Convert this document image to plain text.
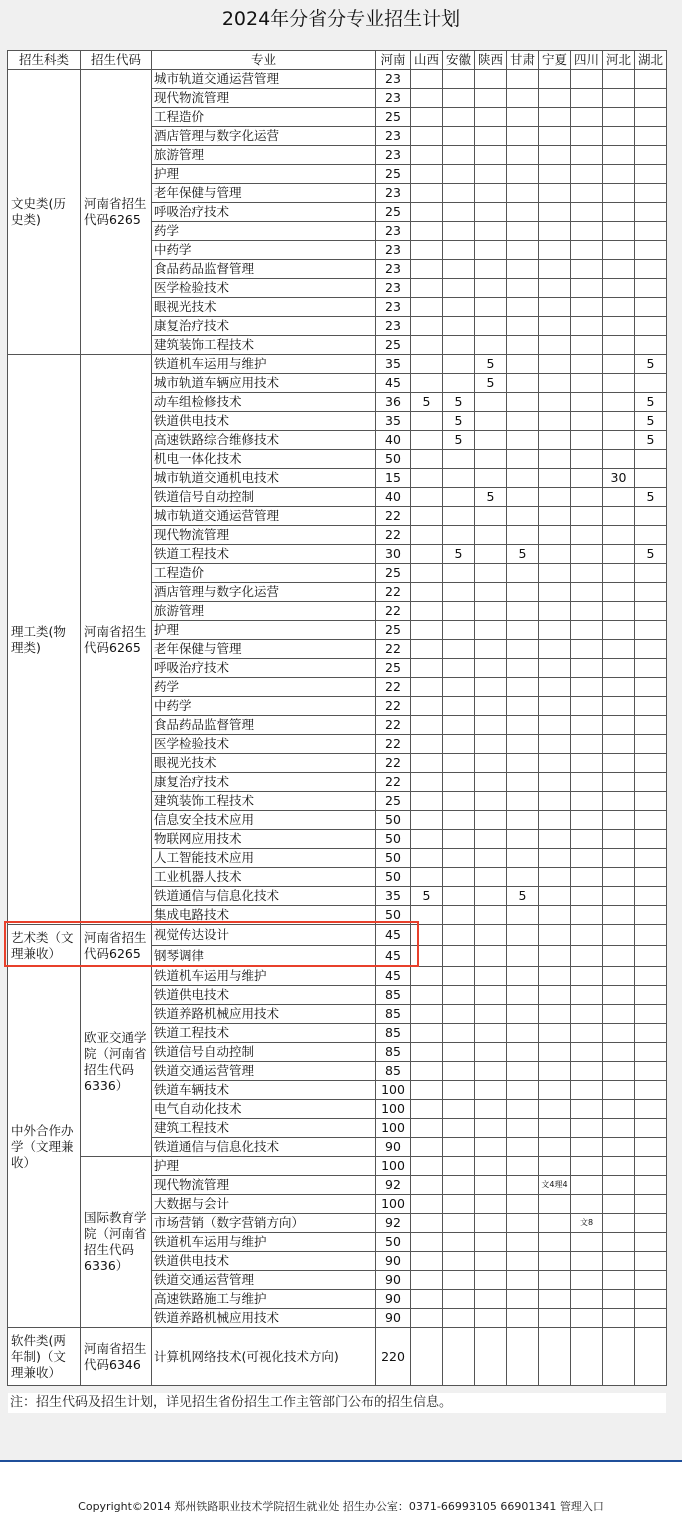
2024年分省分专业招生计划
招生科类	招生代码	专业	河南	山西	安徽	陕西	甘肃	宁夏	四川	河北	湖北
文史类(历史类)	河南省招生代码6265	城市轨道交通运营管理	23								
		现代物流管理	23								
		工程造价	25								
		酒店管理与数字化运营	23								
		旅游管理	23								
		护理	25								
		老年保健与管理	23								
		呼吸治疗技术	25								
		药学	23								
		中药学	23								
		食品药品监督管理	23								
		医学检验技术	23								
		眼视光技术	23								
		康复治疗技术	23								
		建筑装饰工程技术	25								
理工类(物理类)	河南省招生代码6265	铁道机车运用与维护	35			5					5
		城市轨道车辆应用技术	45			5					
		动车组检修技术	36	5	5						5
		铁道供电技术	35		5						5
		高速铁路综合维修技术	40		5						5
		机电一体化技术	50								
		城市轨道交通机电技术	15							30	
		铁道信号自动控制	40			5					5
		城市轨道交通运营管理	22								
		现代物流管理	22								
		铁道工程技术	30		5		5				5
		工程造价	25								
		酒店管理与数字化运营	22								
		旅游管理	22								
		护理	25								
		老年保健与管理	22								
		呼吸治疗技术	25								
		药学	22								
		中药学	22								
		食品药品监督管理	22								
		医学检验技术	22								
		眼视光技术	22								
		康复治疗技术	22								
		建筑装饰工程技术	25								
		信息安全技术应用	50								
		物联网应用技术	50								
		人工智能技术应用	50								
		工业机器人技术	50								
		铁道通信与信息化技术	35	5			5				
		集成电路技术	50								
艺术类（文理兼收）	河南省招生代码6265	视觉传达设计	45								
		钢琴调律	45								
中外合作办学（文理兼收）	欧亚交通学院（河南省招生代码6336）	铁道机车运用与维护	45								
		铁道供电技术	85								
		铁道养路机械应用技术	85								
		铁道工程技术	85								
		铁道信号自动控制	85								
		铁道交通运营管理	85								
		铁道车辆技术	100								
		电气自动化技术	100								
		建筑工程技术	100								
		铁道通信与信息化技术	90								
	国际教育学院（河南省招生代码6336）	护理	100								
		现代物流管理	92					文4理4			
		大数据与会计	100								
		市场营销（数字营销方向）	92						文8		
		铁道机车运用与维护	50								
		铁道供电技术	90								
		铁道交通运营管理	90								
		高速铁路施工与维护	90								
		铁道养路机械应用技术	90								
软件类(两年制)（文理兼收）	河南省招生代码6346	计算机网络技术(可视化技术方向)	220								
注：招生代码及招生计划，详见招生省份招生工作主管部门公布的招生信息。
Copyright©2014 郑州铁路职业技术学院招生就业处 招生办公室：0371-66993105 66901341 管理入口
